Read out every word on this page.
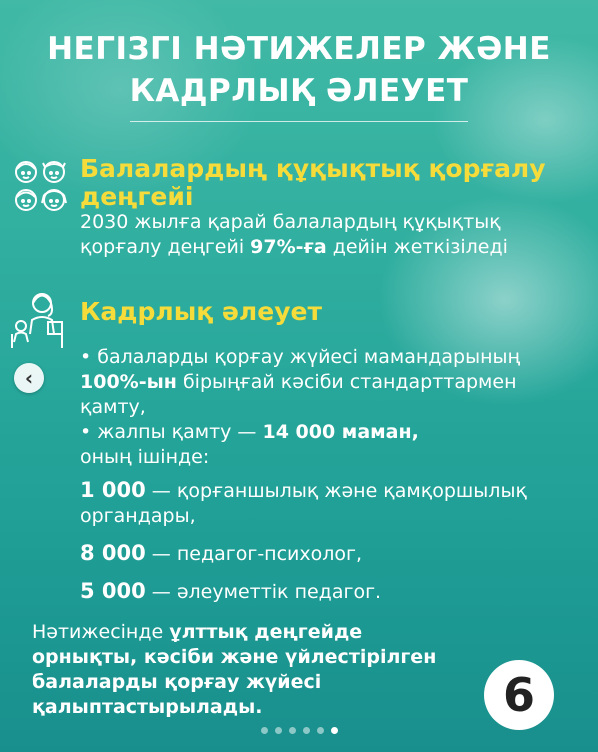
НЕГІЗГІ НӘТИЖЕЛЕР ЖӘНЕ
КАДРЛЫҚ ӘЛЕУЕТ
Балалардың құқықтық қорғалу деңгейі
2030 жылға қарай балалардың құқықтық қорғалу деңгейі 97%-ға дейін жеткізіледі
Кадрлық әлеует
• балаларды қорғау жүйесі мамандарының 100%-ын бірыңғай кәсіби стандарттармен қамту,
• жалпы қамту — 14 000 маман,
оның ішінде:
1 000 — қорғаншылық және қамқоршылық органдары,
8 000 — педагог-психолог,
5 000 — әлеуметтік педагог.
Нәтижесінде ұлттық деңгейде
орнықты, кәсіби және үйлестірілген балаларды қорғау жүйесі қалыптастырылады.
‹
6
